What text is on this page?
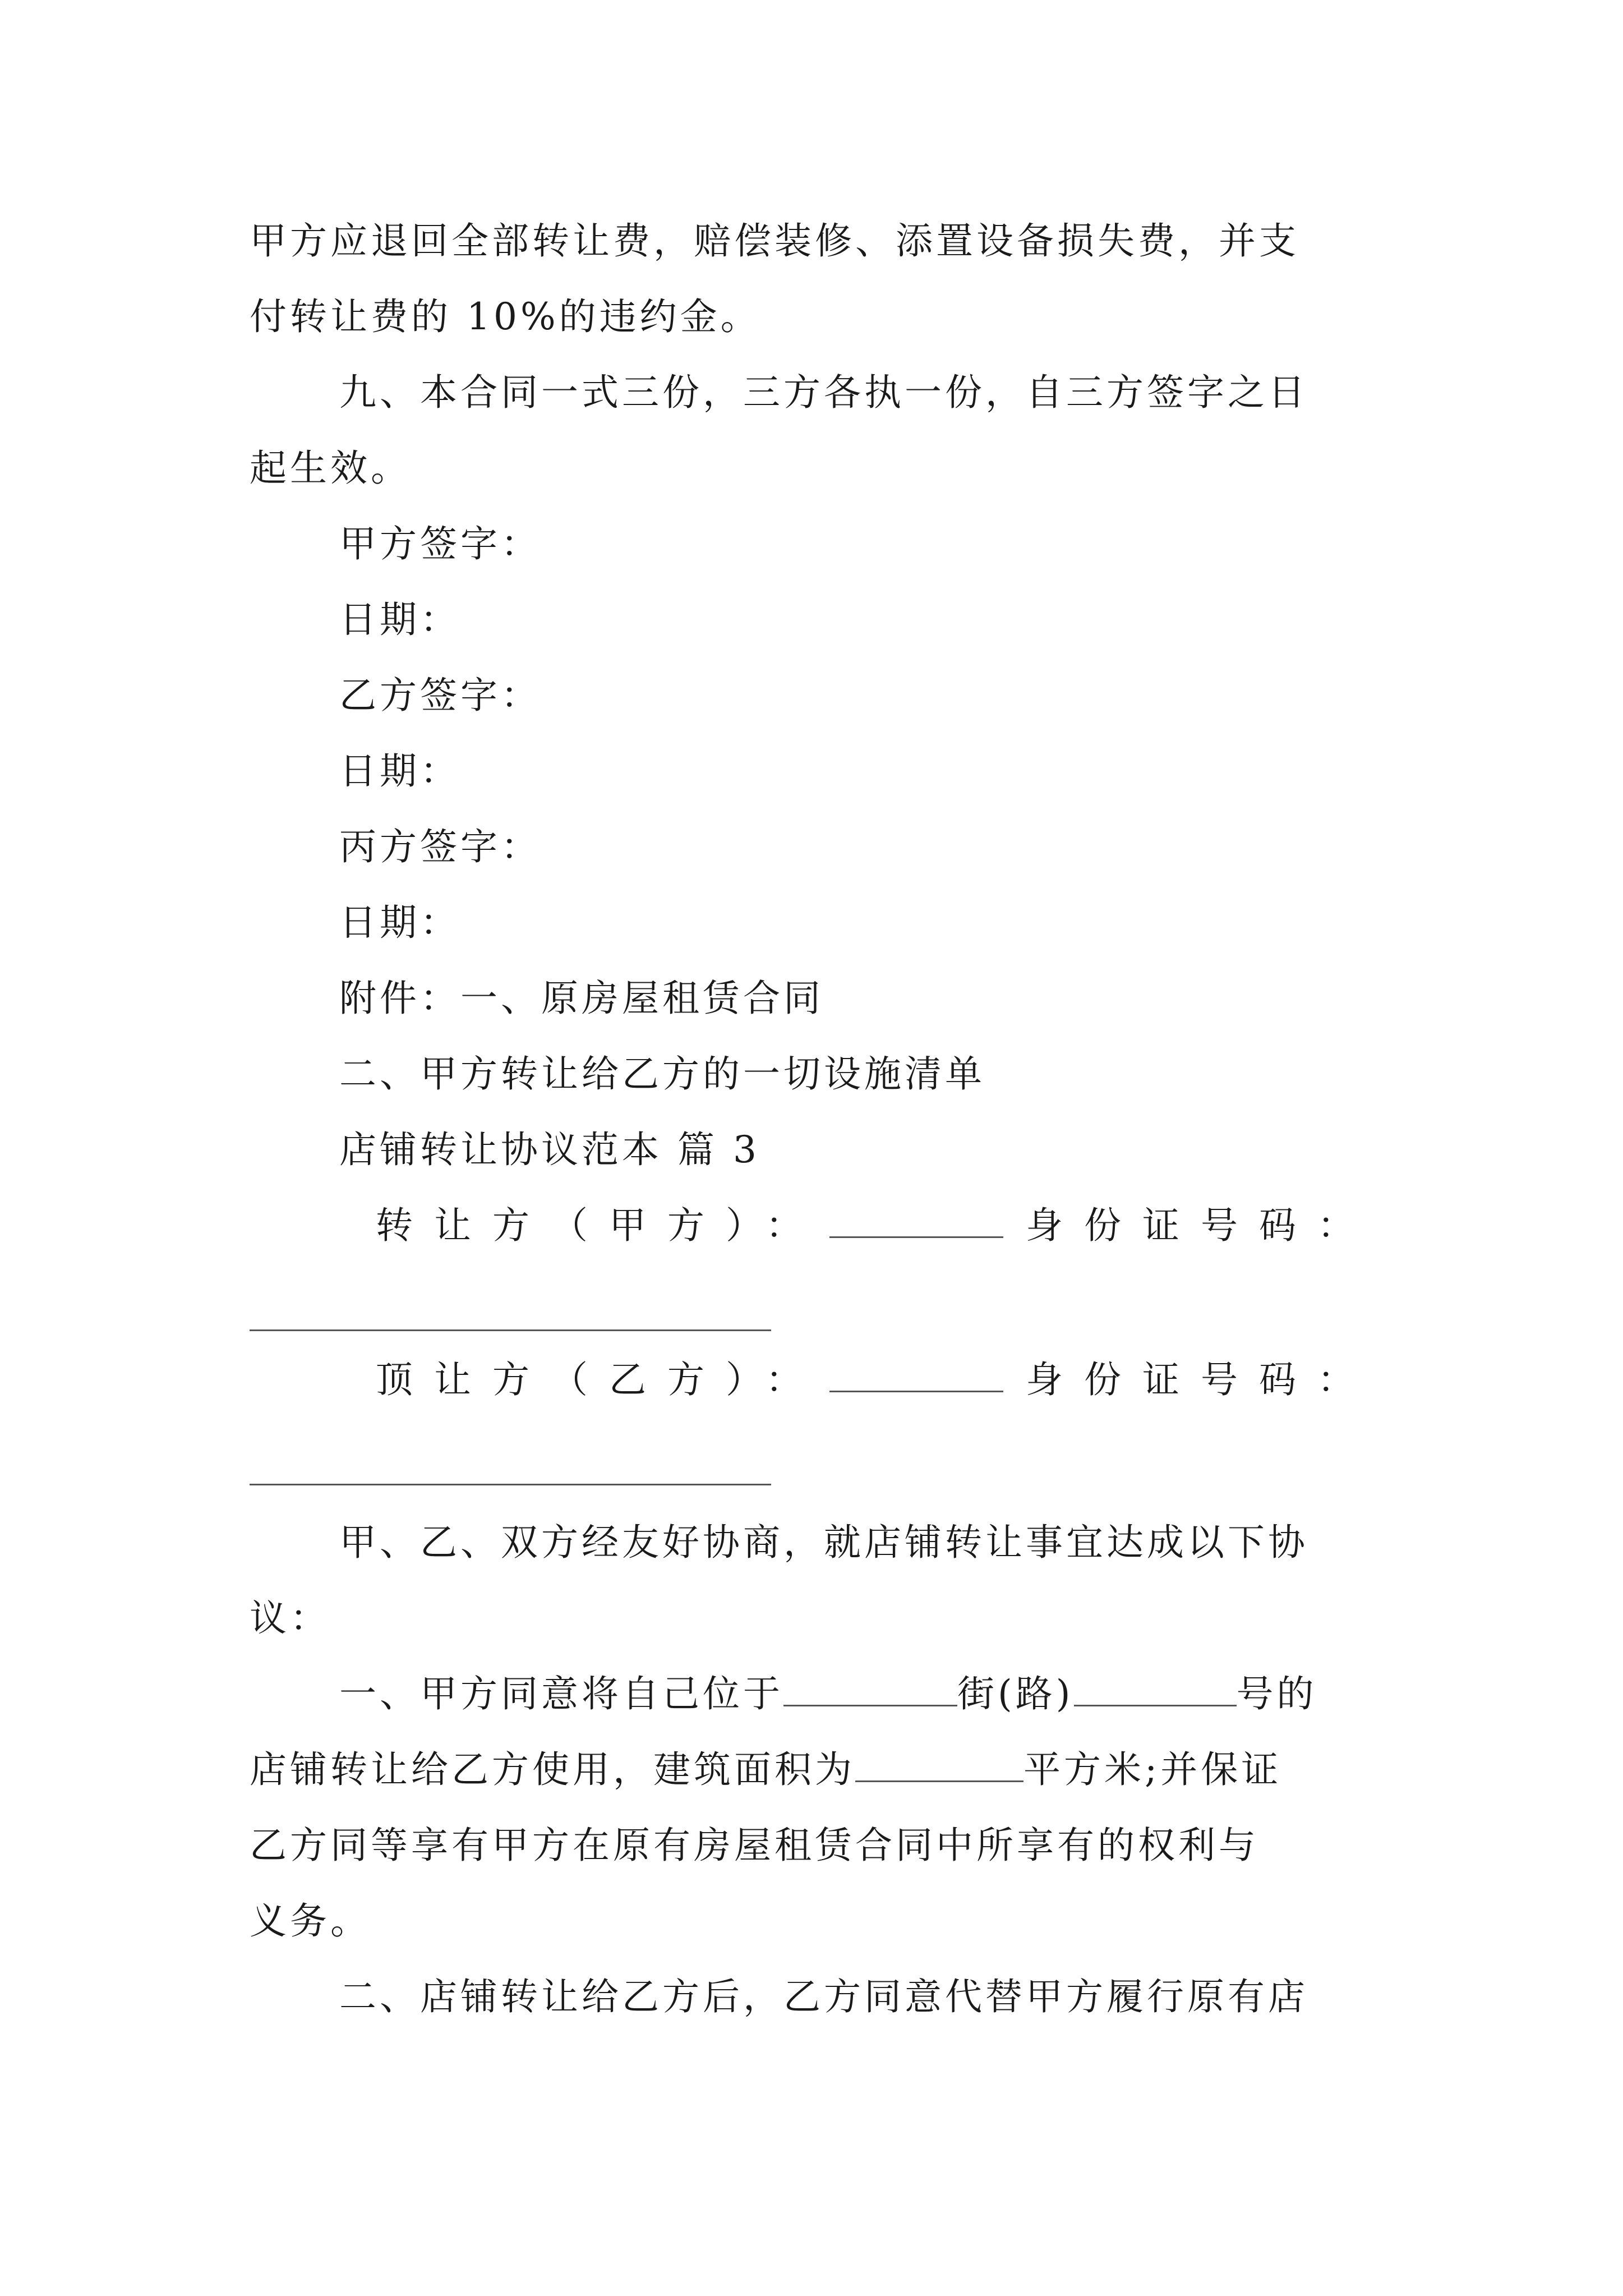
甲方应退回全部转让费，赔偿装修、添置设备损失费，并支
付转让费的 10%的违约金。
九、本合同一式三份，三方各执一份，自三方签字之日
起生效。
甲方签字：
日期：
乙方签字：
日期：
丙方签字：
日期：
附件：一、原房屋租赁合同
二、甲方转让给乙方的一切设施清单
店铺转让协议范本 篇 3
转让方（甲方）：	身份证号码：
顶让方（乙方）：	身份证号码：
甲、乙、双方经友好协商，就店铺转让事宜达成以下协
议：
一、甲方同意将自己位于	街(路)	号的
店铺转让给乙方使用，建筑面积为	平方米;并保证
乙方同等享有甲方在原有房屋租赁合同中所享有的权利与
义务。
二、店铺转让给乙方后，乙方同意代替甲方履行原有店
